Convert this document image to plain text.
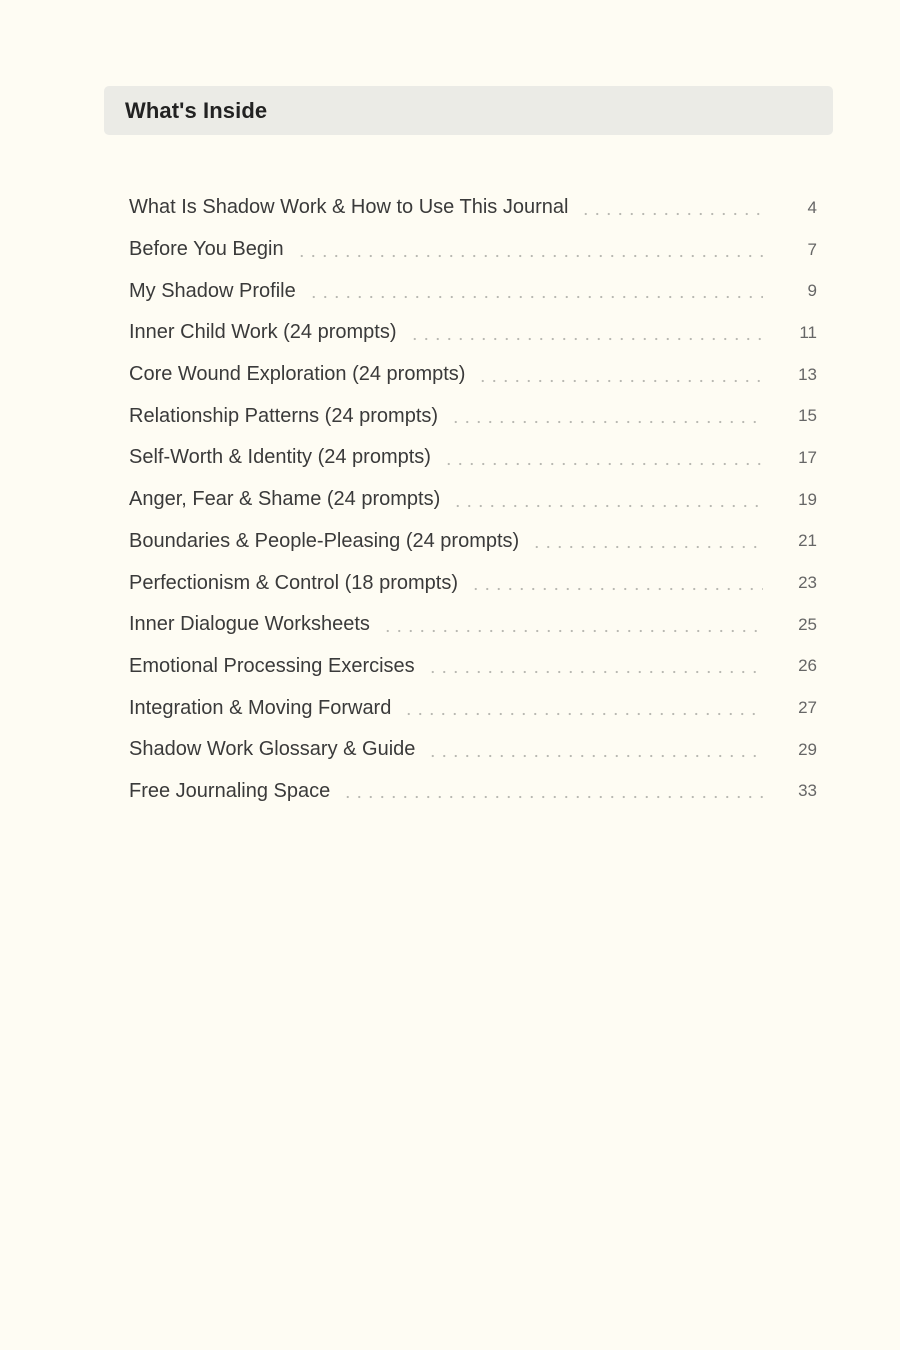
What's Inside
What Is Shadow Work & How to Use This Journal	4
Before You Begin	7
My Shadow Profile	9
Inner Child Work (24 prompts)	11
Core Wound Exploration (24 prompts)	13
Relationship Patterns (24 prompts)	15
Self-Worth & Identity (24 prompts)	17
Anger, Fear & Shame (24 prompts)	19
Boundaries & People-Pleasing (24 prompts)	21
Perfectionism & Control (18 prompts)	23
Inner Dialogue Worksheets	25
Emotional Processing Exercises	26
Integration & Moving Forward	27
Shadow Work Glossary & Guide	29
Free Journaling Space	33
